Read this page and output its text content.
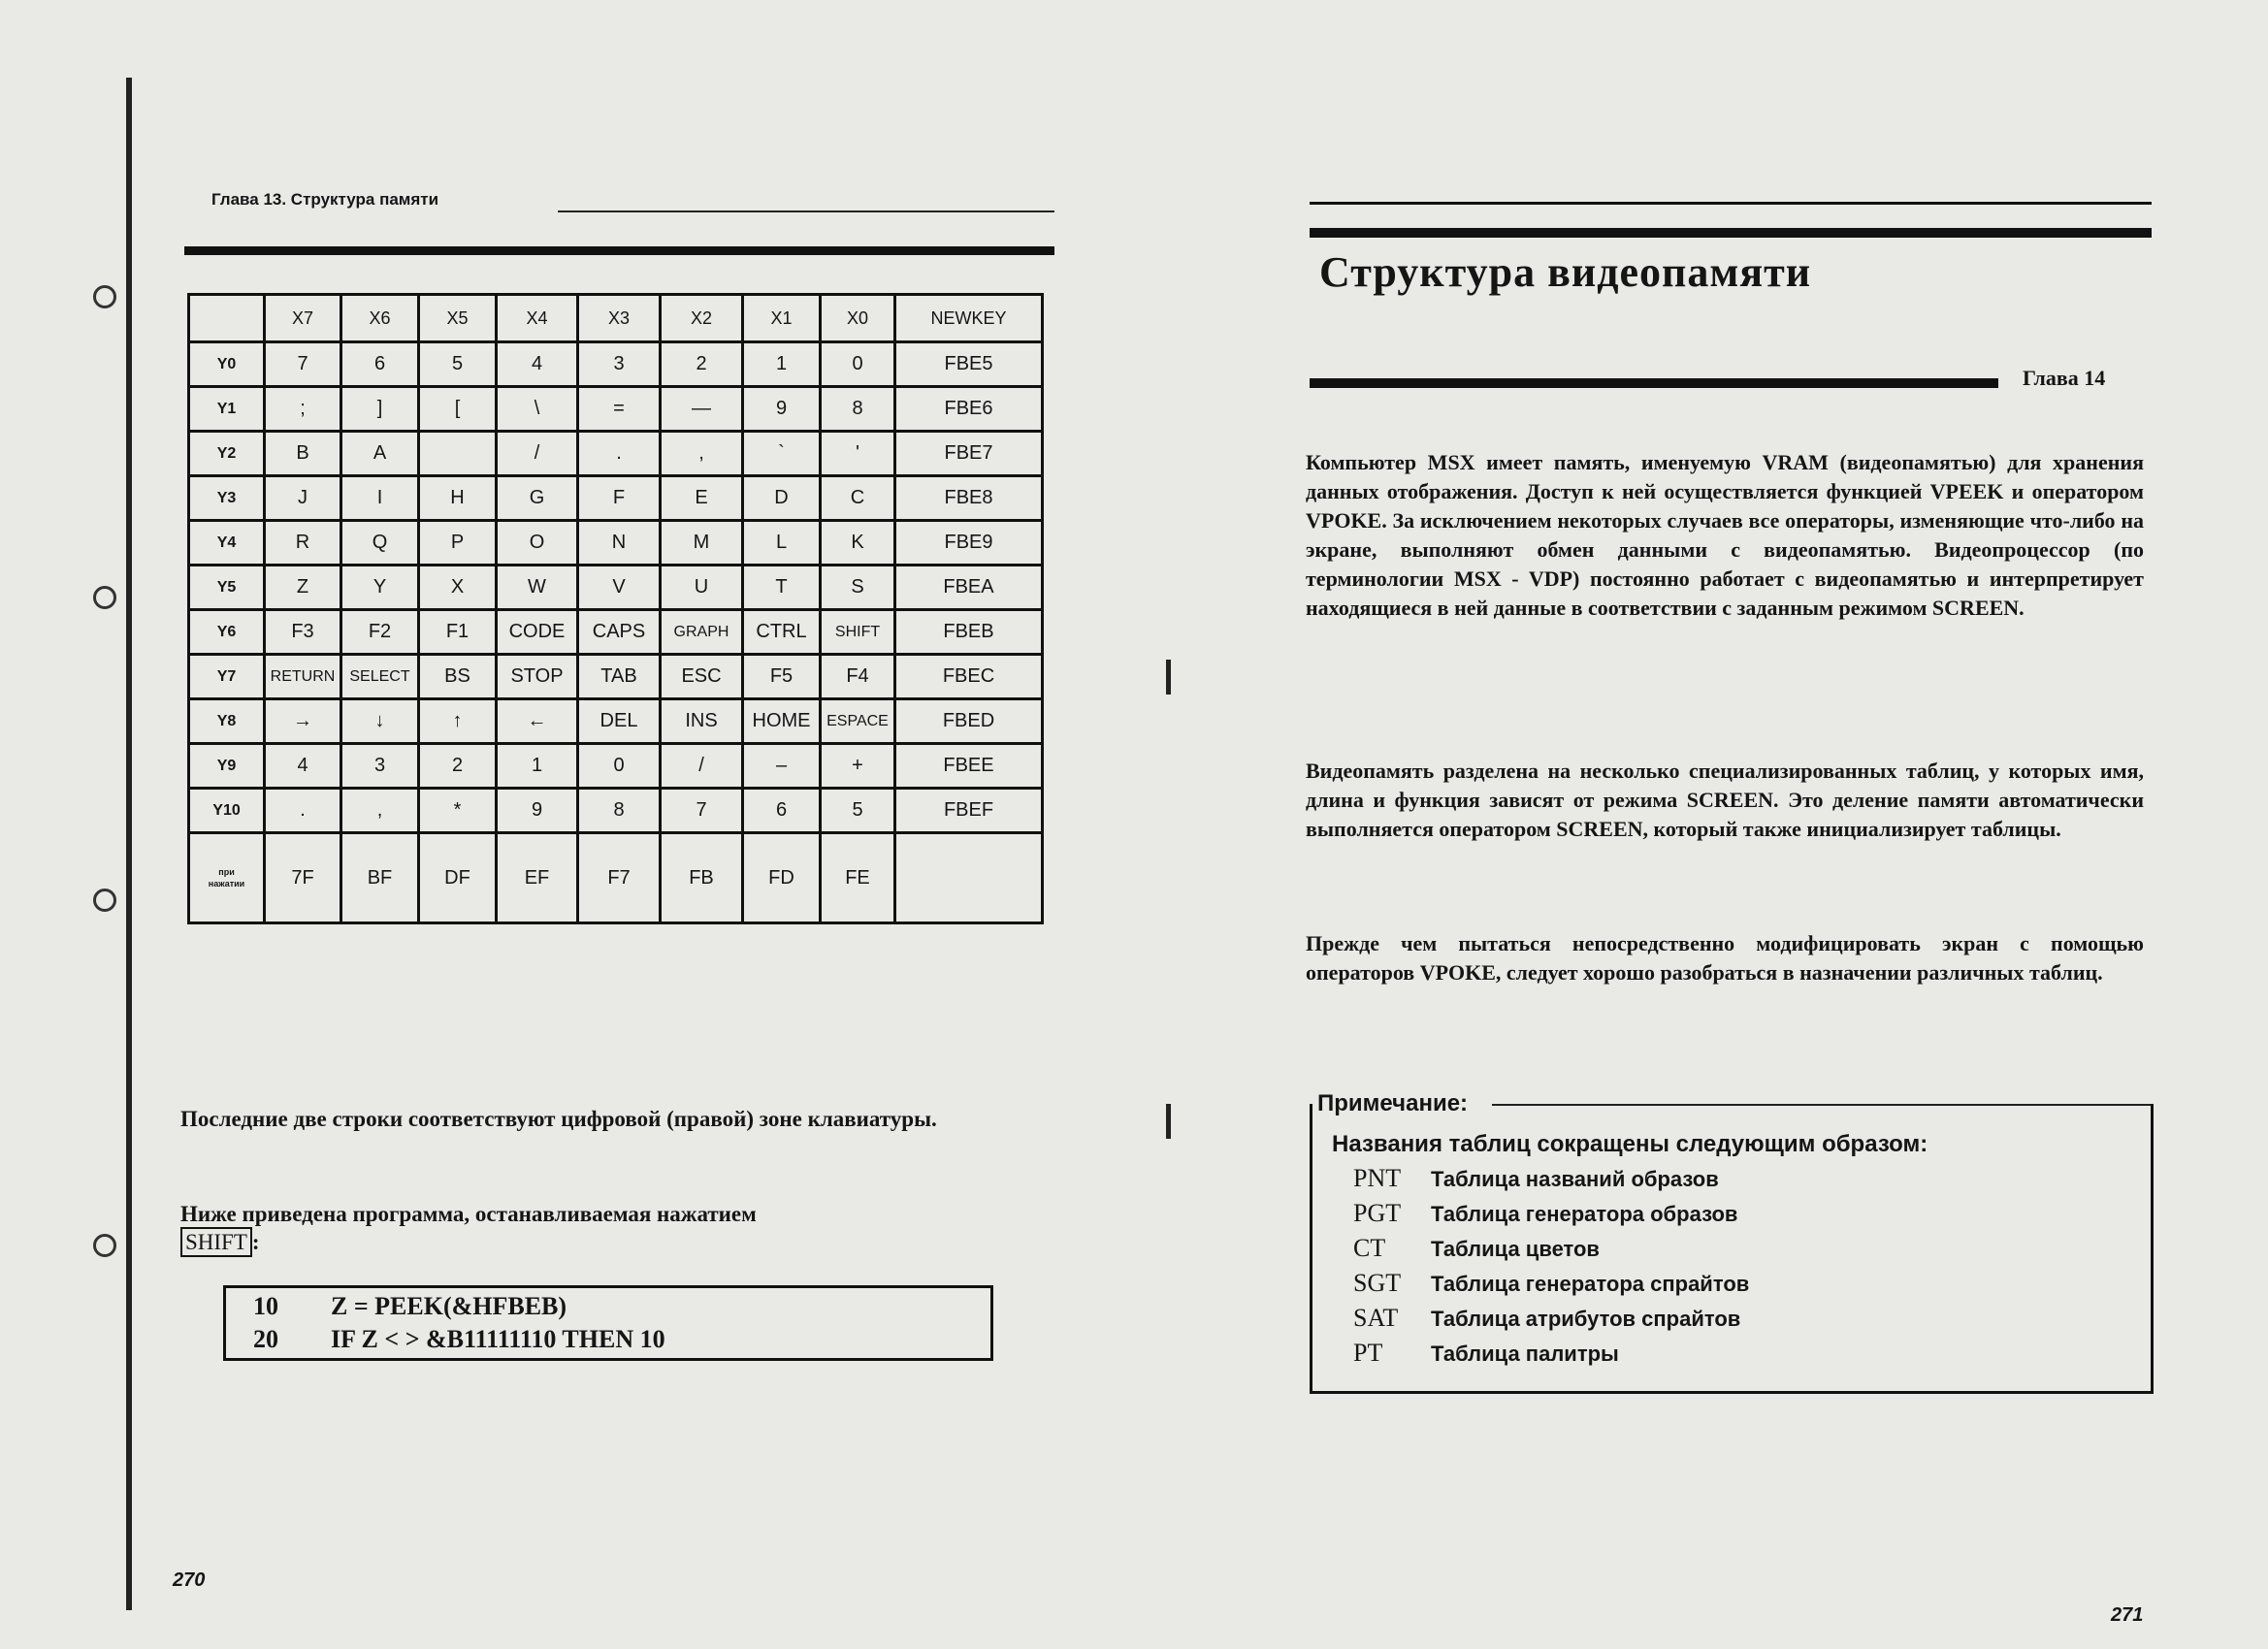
Глава 13. Структура памяти
	X7	X6	X5	X4	X3	X2	X1	X0	NEWKEY
Y0	7	6	5	4	3	2	1	0	FBE5
Y1	;	]	[	\	=	—	9	8	FBE6
Y2	B	A		/	.	,	`	'	FBE7
Y3	J	I	H	G	F	E	D	C	FBE8
Y4	R	Q	P	O	N	M	L	K	FBE9
Y5	Z	Y	X	W	V	U	T	S	FBEA
Y6	F3	F2	F1	CODE	CAPS	GRAPH	CTRL	SHIFT	FBEB
Y7	RETURN	SELECT	BS	STOP	TAB	ESC	F5	F4	FBEC
Y8	→	↓	↑	←	DEL	INS	HOME	ESPACE	FBED
Y9	4	3	2	1	0	/	–	+	FBEE
Y10	.	,	*	9	8	7	6	5	FBEF
при
нажатии	7F	BF	DF	EF	F7	FB	FD	FE	
Последние две строки соответствуют цифровой (правой) зоне клавиатуры.
Ниже приведена программа, останавливаемая нажатием
SHIFT :
10 Z = PEEK(&HFBEB)
20 IF Z < > &B11111110 THEN 10
270
Структура видеопамяти
Глава 14
Компьютер MSX имеет память, именуемую VRAM (видеопамятью) для хранения данных отображения. Доступ к ней осуществляется функцией VPEEK и оператором VPOKE. За исключением некоторых случаев все операторы, изменяющие что-либо на экране, выполняют обмен данными с видеопамятью. Видеопроцессор (по терминологии MSX - VDP) постоянно работает с видеопамятью и интерпретирует находящиеся в ней данные в соответствии с заданным режимом SCREEN.
Видеопамять разделена на несколько специализированных таблиц, у которых имя, длина и функция зависят от режима SCREEN. Это деление памяти автоматически выполняется оператором SCREEN, который также инициализирует таблицы.
Прежде чем пытаться непосредственно модифицировать экран с помощью операторов VPOKE, следует хорошо разобраться в назначении различных таблиц.
Примечание:
Названия таблиц сокращены следующим образом:
PNT Таблица названий образов
PGT Таблица генератора образов
CT Таблица цветов
SGT Таблица генератора спрайтов
SAT Таблица атрибутов спрайтов
PT Таблица палитры
271
